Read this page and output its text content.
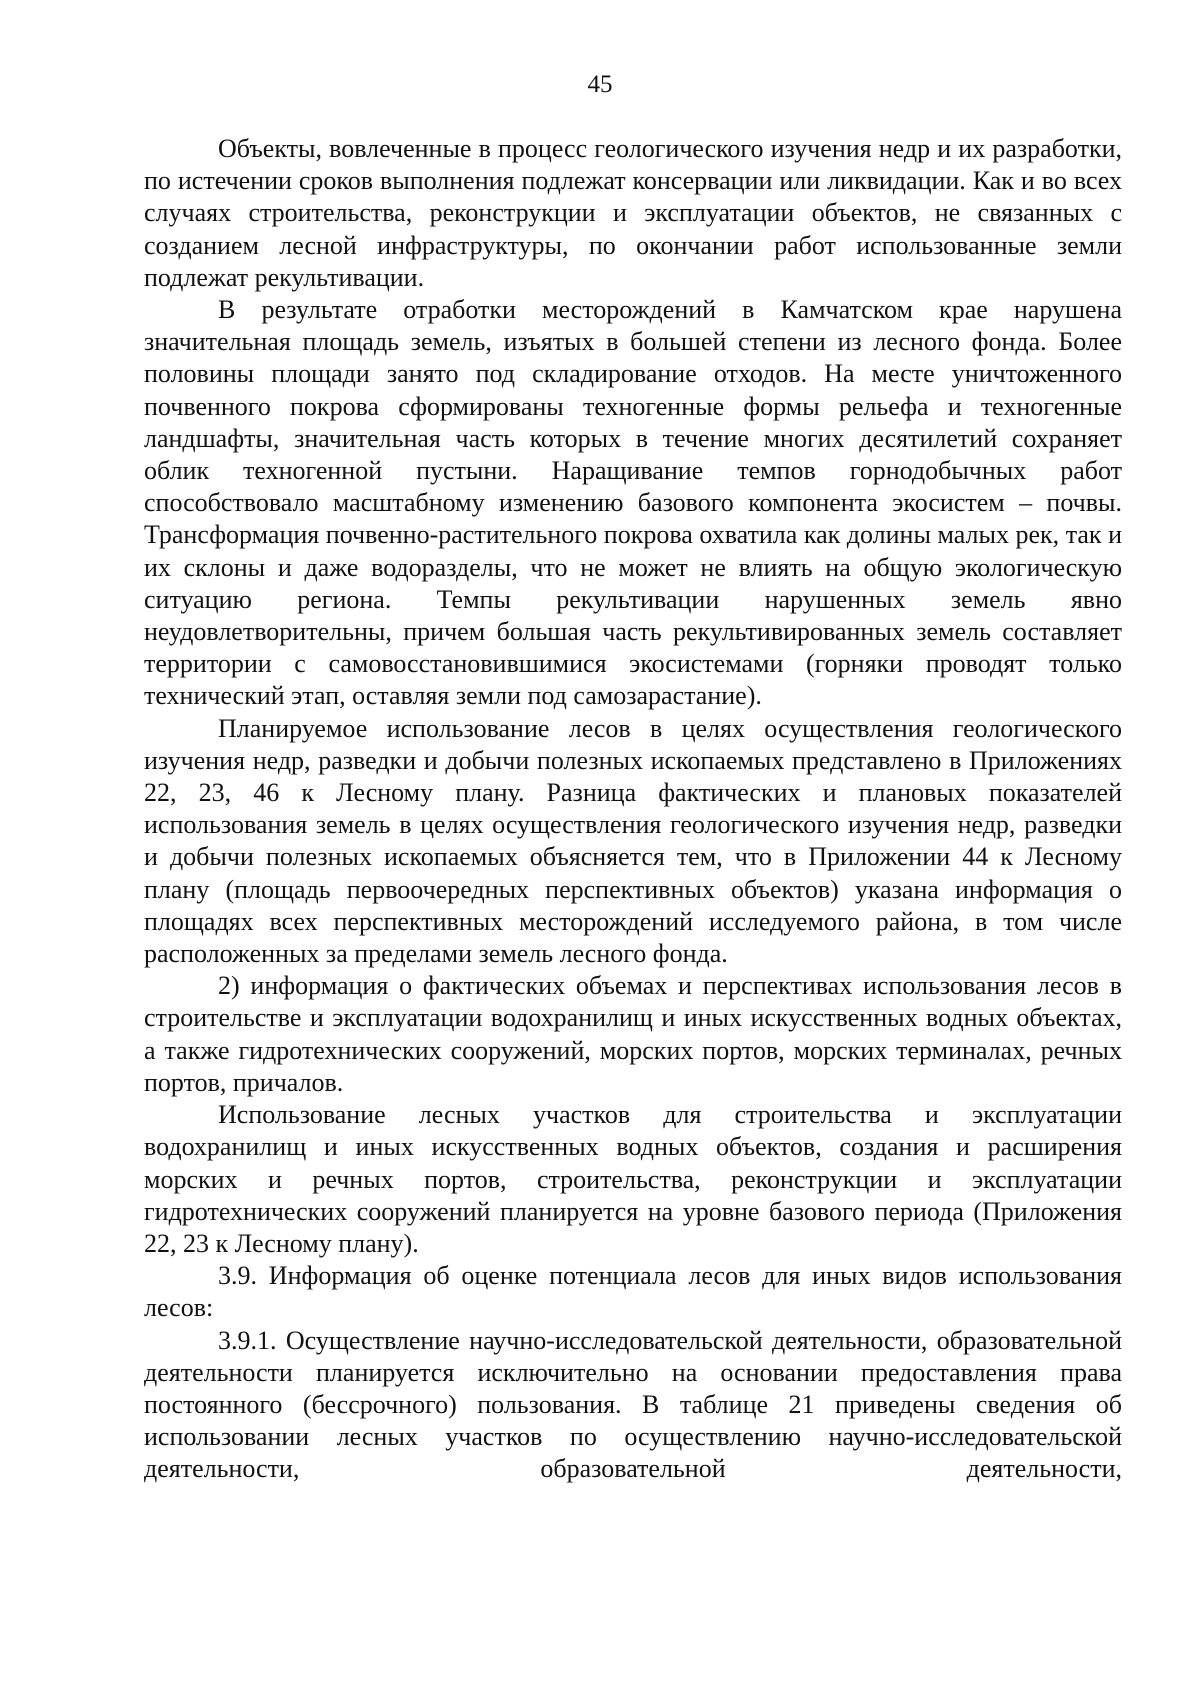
45

Объекты, вовлеченные в процесс геологического изучения недр и их разработки, по истечении сроков выполнения подлежат консервации или ликвидации. Как и во всех случаях строительства, реконструкции и эксплуатации объектов, не связанных с созданием лесной инфраструктуры, по окончании работ использованные земли подлежат рекультивации.

В результате отработки месторождений в Камчатском крае нарушена значительная площадь земель, изъятых в большей степени из лесного фонда. Более половины площади занято под складирование отходов. На месте уничтоженного почвенного покрова сформированы техногенные формы рельефа и техногенные ландшафты, значительная часть которых в течение многих десятилетий сохраняет облик техногенной пустыни. Наращивание темпов горнодобычных работ способствовало масштабному изменению базового компонента экосистем – почвы. Трансформация почвенно-растительного покрова охватила как долины малых рек, так и их склоны и даже водоразделы, что не может не влиять на общую экологическую ситуацию региона. Темпы рекультивации нарушенных земель явно неудовлетворительны, причем большая часть рекультивированных земель составляет территории с самовосстановившимися экосистемами (горняки проводят только технический этап, оставляя земли под самозарастание).

Планируемое использование лесов в целях осуществления геологического изучения недр, разведки и добычи полезных ископаемых представлено в Приложениях 22, 23, 46 к Лесному плану. Разница фактических и плановых показателей использования земель в целях осуществления геологического изучения недр, разведки и добычи полезных ископаемых объясняется тем, что в Приложении 44 к Лесному плану (площадь первоочередных перспективных объектов) указана информация о площадях всех перспективных месторождений исследуемого района, в том числе расположенных за пределами земель лесного фонда.

2) информация о фактических объемах и перспективах использования лесов в строительстве и эксплуатации водохранилищ и иных искусственных водных объектах, а также гидротехнических сооружений, морских портов, морских терминалах, речных портов, причалов.

Использование лесных участков для строительства и эксплуатации водохранилищ и иных искусственных водных объектов, создания и расширения морских и речных портов, строительства, реконструкции и эксплуатации гидротехнических сооружений планируется на уровне базового периода (Приложения 22, 23 к Лесному плану).

3.9. Информация об оценке потенциала лесов для иных видов использования лесов:

3.9.1. Осуществление научно-исследовательской деятельности, образовательной деятельности планируется исключительно на основании предоставления права постоянного (бессрочного) пользования. В таблице 21 приведены сведения об использовании лесных участков по осуществлению научно-исследовательской деятельности, образовательной деятельности,
